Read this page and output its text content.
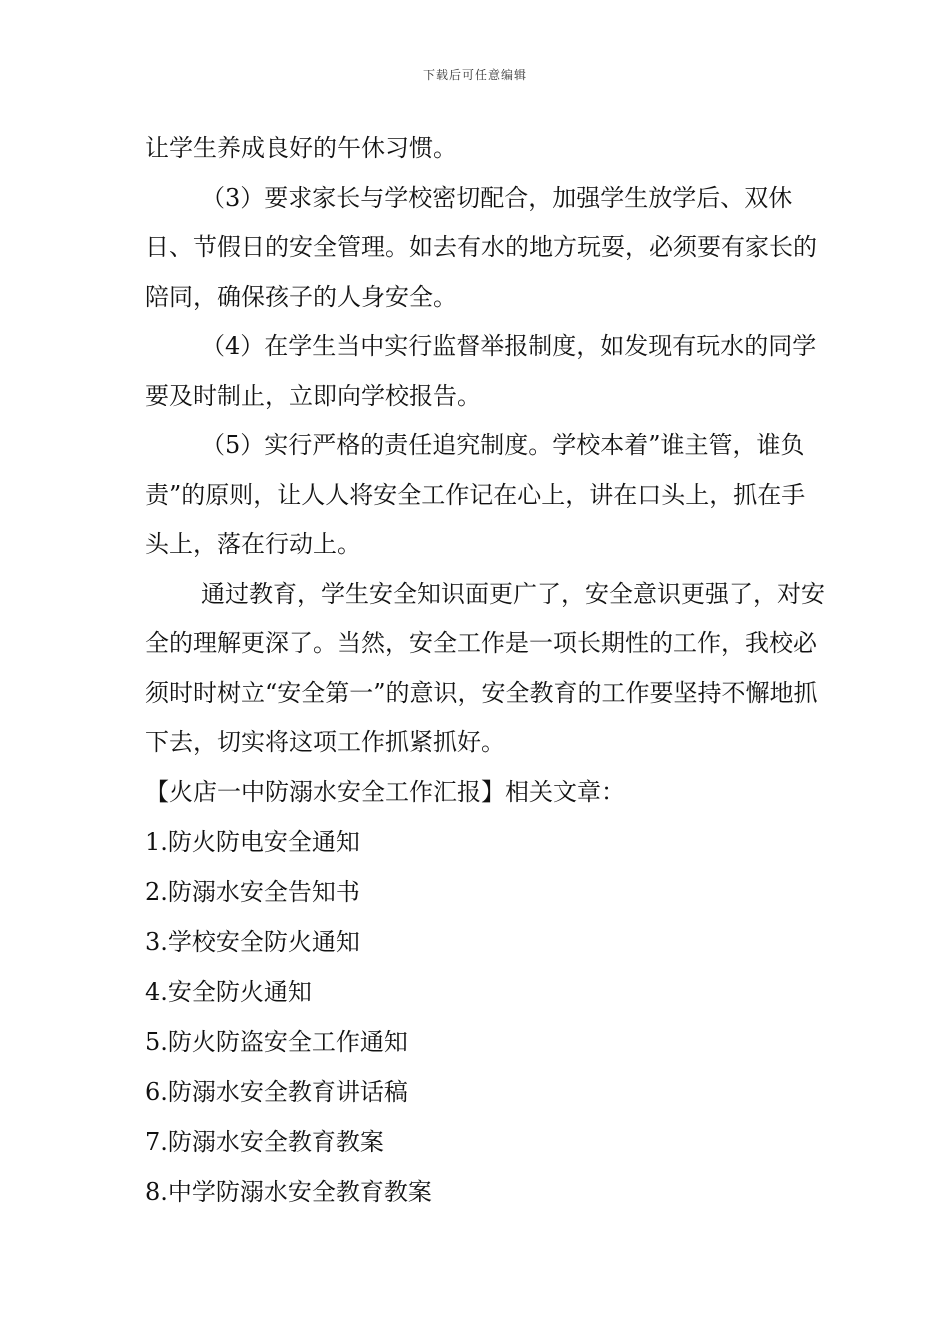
下载后可任意编辑

让学生养成良好的午休习惯。

（3）要求家长与学校密切配合，加强学生放学后、双休日、节假日的安全管理。如去有水的地方玩耍，必须要有家长的陪同，确保孩子的人身安全。

（4）在学生当中实行监督举报制度，如发现有玩水的同学要及时制止，立即向学校报告。

（5）实行严格的责任追究制度。学校本着”谁主管，谁负责”的原则，让人人将安全工作记在心上，讲在口头上，抓在手头上，落在行动上。

通过教育，学生安全知识面更广了，安全意识更强了，对安全的理解更深了。当然，安全工作是一项长期性的工作，我校必须时时树立“安全第一”的意识，安全教育的工作要坚持不懈地抓下去，切实将这项工作抓紧抓好。

【火店一中防溺水安全工作汇报】相关文章：

1.防火防电安全通知
2.防溺水安全告知书
3.学校安全防火通知
4.安全防火通知
5.防火防盗安全工作通知
6.防溺水安全教育讲话稿
7.防溺水安全教育教案
8.中学防溺水安全教育教案
